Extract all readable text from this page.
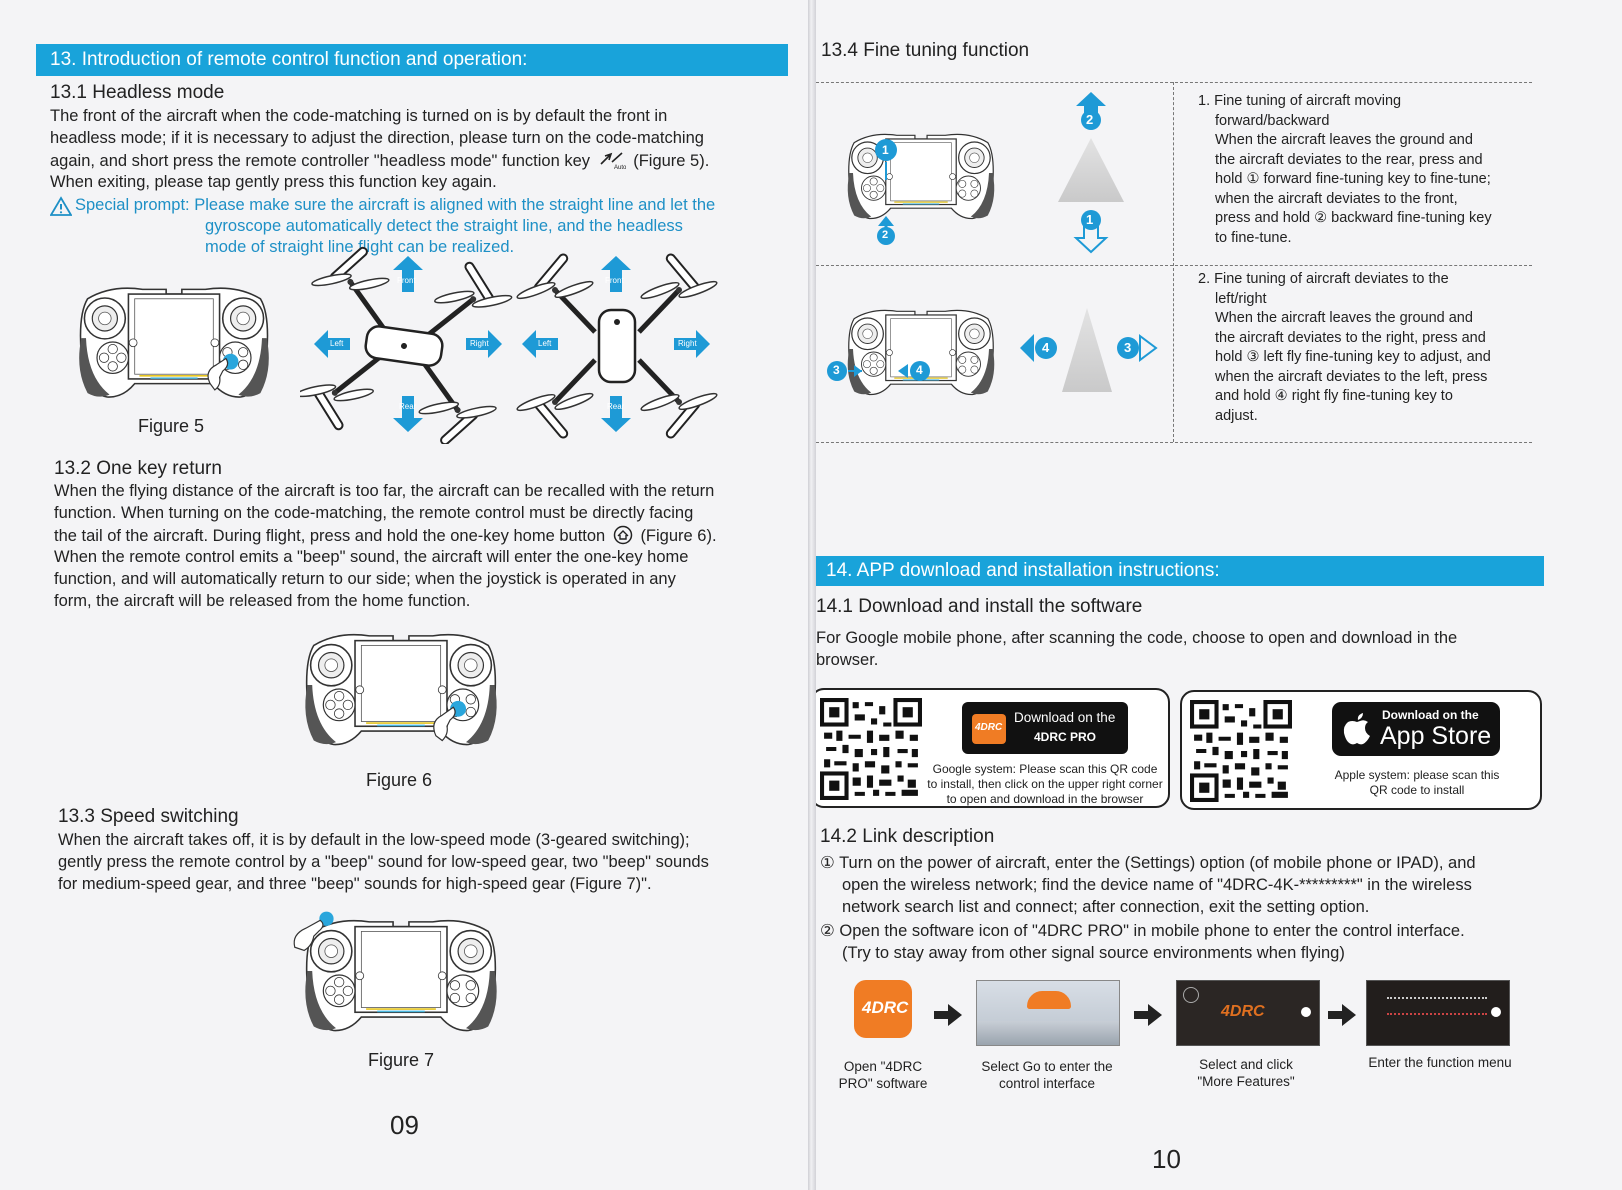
13. Introduction of remote control function and operation:
13.1 Headless mode
The front of the aircraft when the code-matching is turned on is by default the front in
headless mode; if it is necessary to adjust the direction, please turn on the code-matching
again, and short press the remote controller "headless mode" function key	Auto (Figure 5).
When exiting, please tap gently press this function key again.
Special prompt: Please make sure the aircraft is aligned with the straight line and let the
gyroscope automatically detect the straight line, and the headless
mode of straight line flight can be realized.
Figure 5
Front
Rear
Left	Right
Front
Rear
Left	Right
13.2 One key return
When the flying distance of the aircraft is too far, the aircraft can be recalled with the return
function. When turning on the code-matching, the remote control must be directly facing
the tail of the aircraft. During flight, press and hold the one-key home button (Figure 6).
When the remote control emits a "beep" sound, the aircraft will enter the one-key home
function, and will automatically return to our side; when the joystick is operated in any
form, the aircraft will be released from the home function.
Figure 6
13.3 Speed switching
When the aircraft takes off, it is by default in the low-speed mode (3-geared switching);
gently press the remote control by a "beep" sound for low-speed gear, two "beep" sounds
for medium-speed gear, and three "beep" sounds for high-speed gear (Figure 7)".
Figure 7
09
13.4 Fine tuning function
1
2
2
1
1. Fine tuning of aircraft moving
forward/backward
When the aircraft leaves the ground and
the aircraft deviates to the rear, press and
hold ① forward fine-tuning key to fine-tune;
when the aircraft deviates to the front,
press and hold ② backward fine-tuning key
to fine-tune.
3	4
4	3
2. Fine tuning of aircraft deviates to the
left/right
When the aircraft leaves the ground and
the aircraft deviates to the right, press and
hold ③ left fly fine-tuning key to adjust, and
when the aircraft deviates to the left, press
and hold ④ right fly fine-tuning key to
adjust.
14. APP download and installation instructions:
14.1 Download and install the software
For Google mobile phone, after scanning the code, choose to open and download in the
browser.
4DRC
Download on the
4DRC PRO
Google system: Please scan this QR code
to install, then click on the upper right corner
to open and download in the browser
Download on the
App Store
Apple system: please scan this
QR code to install
14.2 Link description
① Turn on the power of aircraft, enter the (Settings) option (of mobile phone or IPAD), and
open the wireless network; find the device name of "4DRC-4K-*********" in the wireless
network search list and connect; after connection, exit the setting option.
② Open the software icon of "4DRC PRO" in mobile phone to enter the control interface.
(Try to stay away from other signal source environments when flying)
4DRC	4DRC
Open "4DRC
PRO" software
Select Go to enter the
control interface
Select and click
"More Features"
Enter the function menu
10
